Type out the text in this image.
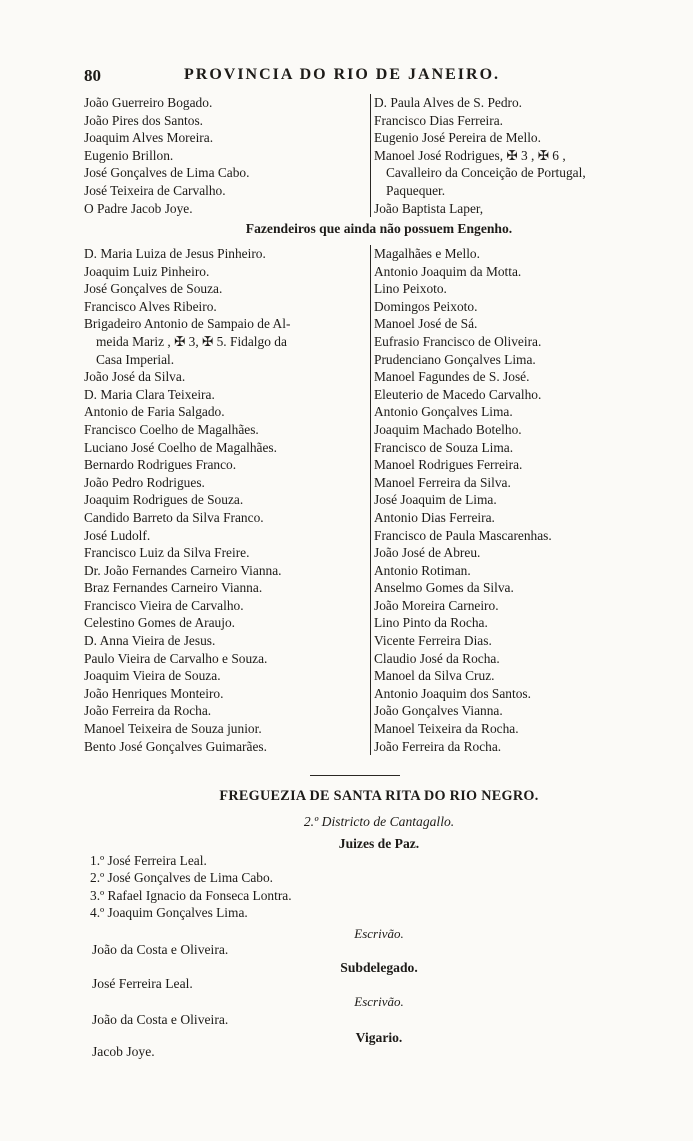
80	PROVINCIA DO RIO DE JANEIRO.
João Guerreiro Bogado.
João Pires dos Santos.
Joaquim Alves Moreira.
Eugenio Brillon.
José Gonçalves de Lima Cabo.
José Teixeira de Carvalho.
O Padre Jacob Joye.
D. Paula Alves de S. Pedro.
Francisco Dias Ferreira.
Eugenio José Pereira de Mello.
Manoel José Rodrigues, ✠ 3 , ✠ 6 ,
Cavalleiro da Conceição de Portugal,
Paquequer.
João Baptista Laper,
Fazendeiros que ainda não possuem Engenho.
D. Maria Luiza de Jesus Pinheiro.
Joaquim Luiz Pinheiro.
José Gonçalves de Souza.
Francisco Alves Ribeiro.
Brigadeiro Antonio de Sampaio de Al-
meida Mariz , ✠ 3, ✠ 5. Fidalgo da
Casa Imperial.
João José da Silva.
D. Maria Clara Teixeira.
Antonio de Faria Salgado.
Francisco Coelho de Magalhães.
Luciano José Coelho de Magalhães.
Bernardo Rodrigues Franco.
João Pedro Rodrigues.
Joaquim Rodrigues de Souza.
Candido Barreto da Silva Franco.
José Ludolf.
Francisco Luiz da Silva Freire.
Dr. João Fernandes Carneiro Vianna.
Braz Fernandes Carneiro Vianna.
Francisco Vieira de Carvalho.
Celestino Gomes de Araujo.
D. Anna Vieira de Jesus.
Paulo Vieira de Carvalho e Souza.
Joaquim Vieira de Souza.
João Henriques Monteiro.
João Ferreira da Rocha.
Manoel Teixeira de Souza junior.
Bento José Gonçalves Guimarães.
Magalhães e Mello.
Antonio Joaquim da Motta.
Lino Peixoto.
Domingos Peixoto.
Manoel José de Sá.
Eufrasio Francisco de Oliveira.
Prudenciano Gonçalves Lima.
Manoel Fagundes de S. José.
Eleuterio de Macedo Carvalho.
Antonio Gonçalves Lima.
Joaquim Machado Botelho.
Francisco de Souza Lima.
Manoel Rodrigues Ferreira.
Manoel Ferreira da Silva.
José Joaquim de Lima.
Antonio Dias Ferreira.
Francisco de Paula Mascarenhas.
João José de Abreu.
Antonio Rotiman.
Anselmo Gomes da Silva.
João Moreira Carneiro.
Lino Pinto da Rocha.
Vicente Ferreira Dias.
Claudio José da Rocha.
Manoel da Silva Cruz.
Antonio Joaquim dos Santos.
João Gonçalves Vianna.
Manoel Teixeira da Rocha.
João Ferreira da Rocha.
FREGUEZIA DE SANTA RITA DO RIO NEGRO.
2.º Districto de Cantagallo.
Juizes de Paz.
1.º José Ferreira Leal.
2.º José Gonçalves de Lima Cabo.
3.º Rafael Ignacio da Fonseca Lontra.
4.º Joaquim Gonçalves Lima.
Escrivão.
João da Costa e Oliveira.
Subdelegado.
José Ferreira Leal.
Escrivão.
João da Costa e Oliveira.
Vigario.
Jacob Joye.
